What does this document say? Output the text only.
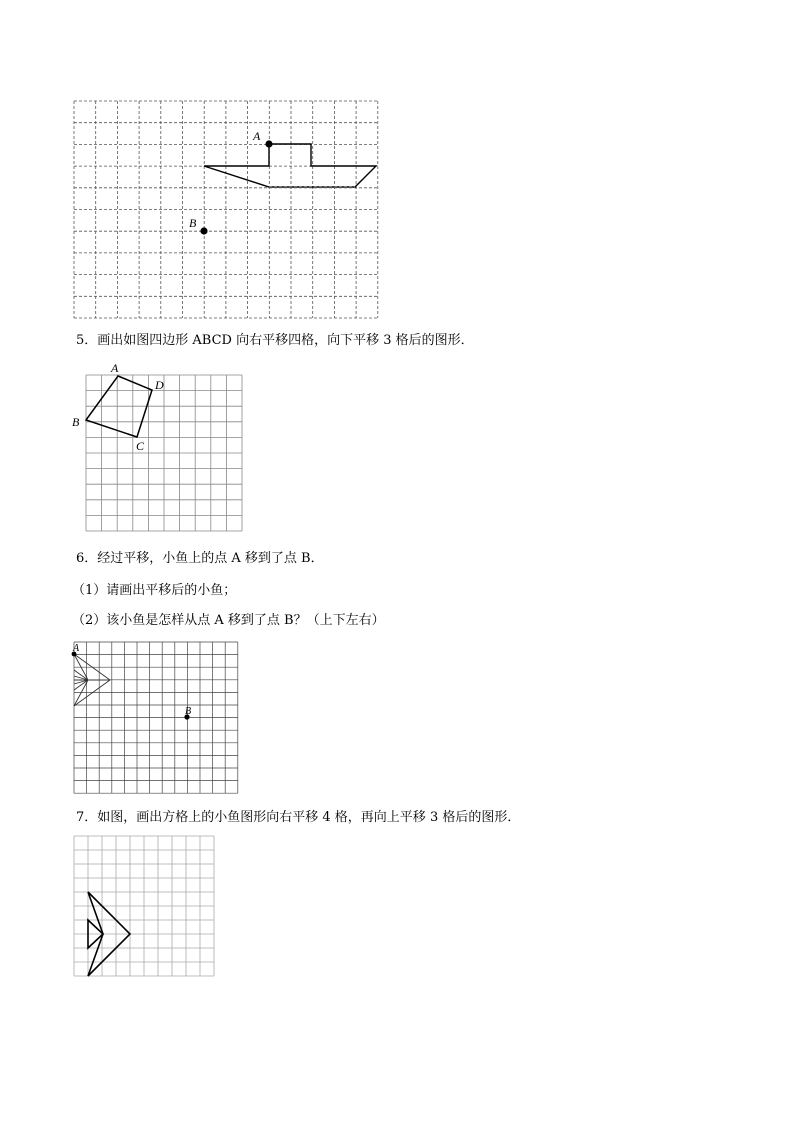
A
B
5．画出如图四边形 ABCD 向右平移四格，向下平移 3 格后的图形．
A
B
C
D
6．经过平移，小鱼上的点 A 移到了点 B．
（1）请画出平移后的小鱼；
（2）该小鱼是怎样从点 A 移到了点 B？（上下左右）
A
B
7．如图，画出方格上的小鱼图形向右平移 4 格，再向上平移 3 格后的图形．
